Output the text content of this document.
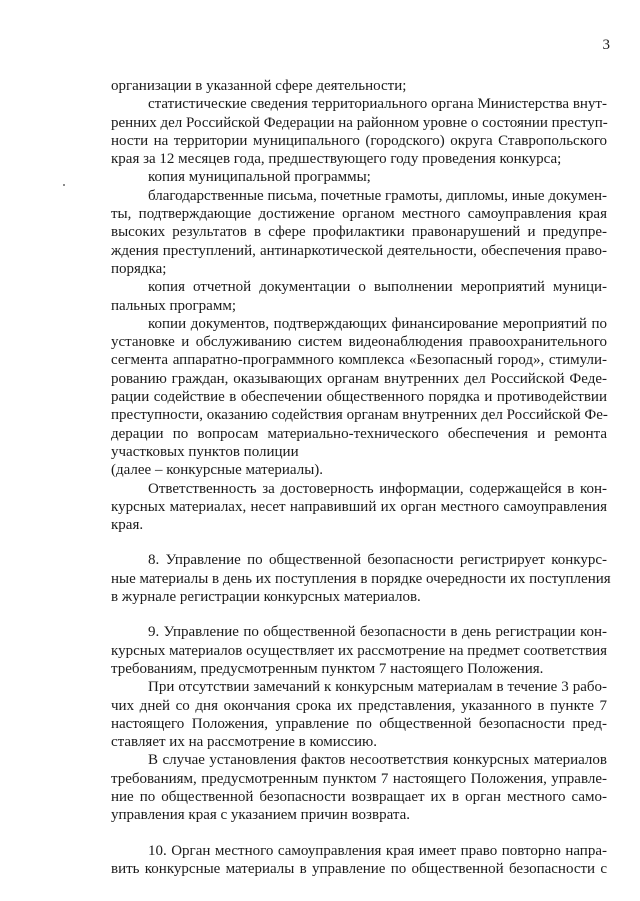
3
организации в указанной сфере деятельности;
статистические сведения территориального органа Министерства внут-
ренних дел Российской Федерации на районном уровне о состоянии преступ-
ности на территории муниципального (городского) округа Ставропольского
края за 12 месяцев года, предшествующего году проведения конкурса;
копия муниципальной программы;
благодарственные письма, почетные грамоты, дипломы, иные докумен-
ты, подтверждающие достижение органом местного самоуправления края
высоких результатов в сфере профилактики правонарушений и предупре-
ждения преступлений, антинаркотической деятельности, обеспечения право-
порядка;
копия отчетной документации о выполнении мероприятий муници-
пальных программ;
копии документов, подтверждающих финансирование мероприятий по
установке и обслуживанию систем видеонаблюдения правоохранительного
сегмента аппаратно-программного комплекса «Безопасный город», стимули-
рованию граждан, оказывающих органам внутренних дел Российской Феде-
рации содействие в обеспечении общественного порядка и противодействии
преступности, оказанию содействия органам внутренних дел Российской Фе-
дерации по вопросам материально-технического обеспечения и ремонта
участковых пунктов полиции
(далее – конкурсные материалы).
Ответственность за достоверность информации, содержащейся в кон-
курсных материалах, несет направивший их орган местного самоуправления
края.
8. Управление по общественной безопасности регистрирует конкурс-
ные материалы в день их поступления в порядке очередности их поступления
в журнале регистрации конкурсных материалов.
9. Управление по общественной безопасности в день регистрации кон-
курсных материалов осуществляет их рассмотрение на предмет соответствия
требованиям, предусмотренным пунктом 7 настоящего Положения.
При отсутствии замечаний к конкурсным материалам в течение 3 рабо-
чих дней со дня окончания срока их представления, указанного в пункте 7
настоящего Положения, управление по общественной безопасности пред-
ставляет их на рассмотрение в комиссию.
В случае установления фактов несоответствия конкурсных материалов
требованиям, предусмотренным пунктом 7 настоящего Положения, управле-
ние по общественной безопасности возвращает их в орган местного само-
управления края с указанием причин возврата.
10. Орган местного самоуправления края имеет право повторно напра-
вить конкурсные материалы в управление по общественной безопасности с
